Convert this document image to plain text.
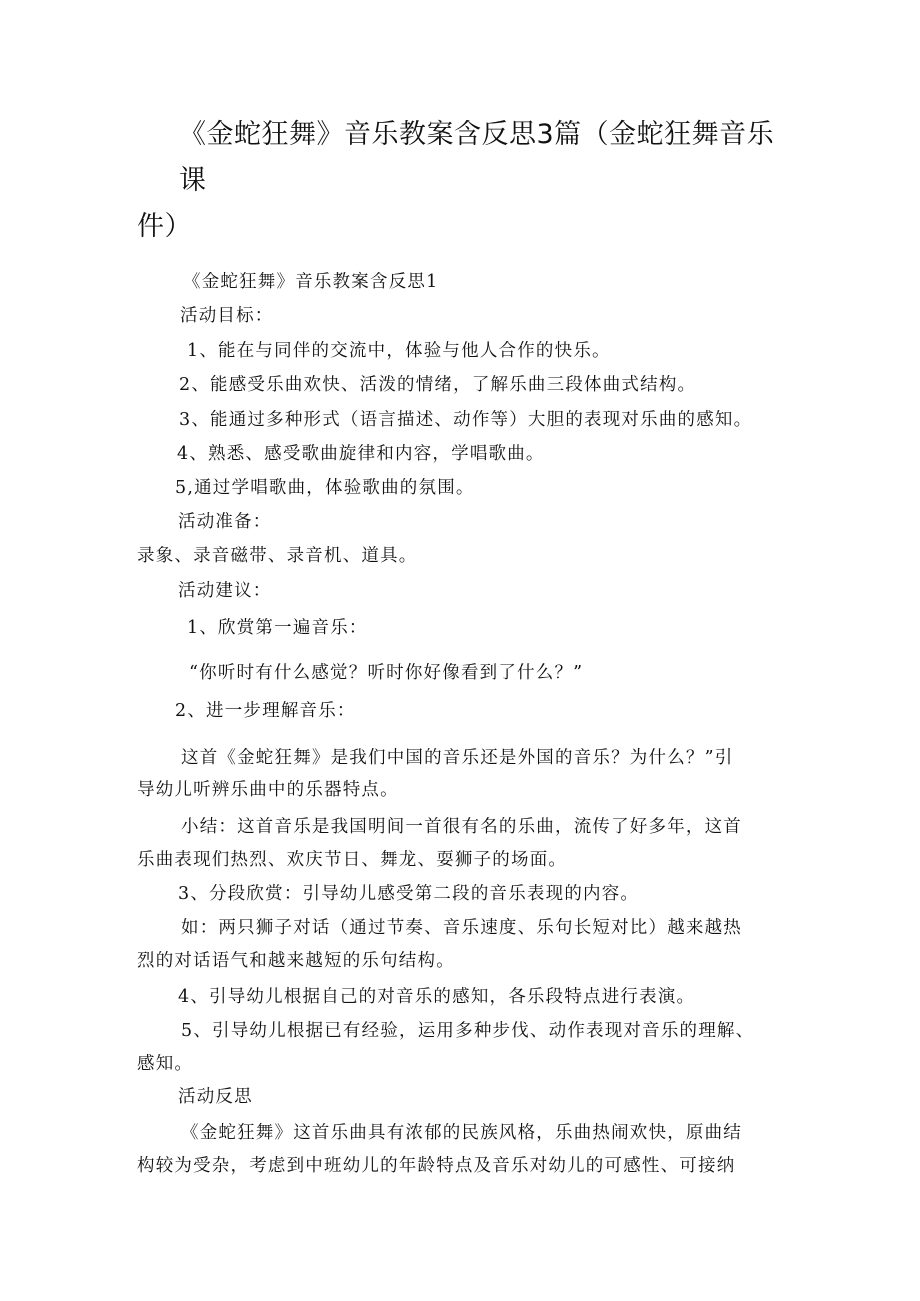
《金蛇狂舞》音乐教案含反思3篇（金蛇狂舞音乐课
件）
《金蛇狂舞》音乐教案含反思1
活动目标：
1、能在与同伴的交流中，体验与他人合作的快乐。
2、能感受乐曲欢快、活泼的情绪，了解乐曲三段体曲式结构。
3、能通过多种形式（语言描述、动作等）大胆的表现对乐曲的感知。
4、熟悉、感受歌曲旋律和内容，学唱歌曲。
5,通过学唱歌曲，体验歌曲的氛围。
活动准备：
录象、录音磁带、录音机、道具。
活动建议：
1、欣赏第一遍音乐：
“你听时有什么感觉？听时你好像看到了什么？”
2、进一步理解音乐：
这首《金蛇狂舞》是我们中国的音乐还是外国的音乐？为什么？”引
导幼儿听辨乐曲中的乐器特点。
小结：这首音乐是我国明间一首很有名的乐曲，流传了好多年，这首
乐曲表现们热烈、欢庆节日、舞龙、耍狮子的场面。
3、分段欣赏：引导幼儿感受第二段的音乐表现的内容。
如：两只狮子对话（通过节奏、音乐速度、乐句长短对比）越来越热
烈的对话语气和越来越短的乐句结构。
4、引导幼儿根据自己的对音乐的感知，各乐段特点进行表演。
5、引导幼儿根据已有经验，运用多种步伐、动作表现对音乐的理解、
感知。
活动反思
《金蛇狂舞》这首乐曲具有浓郁的民族风格，乐曲热闹欢快，原曲结
构较为受杂，考虑到中班幼儿的年龄特点及音乐对幼儿的可感性、可接纳
